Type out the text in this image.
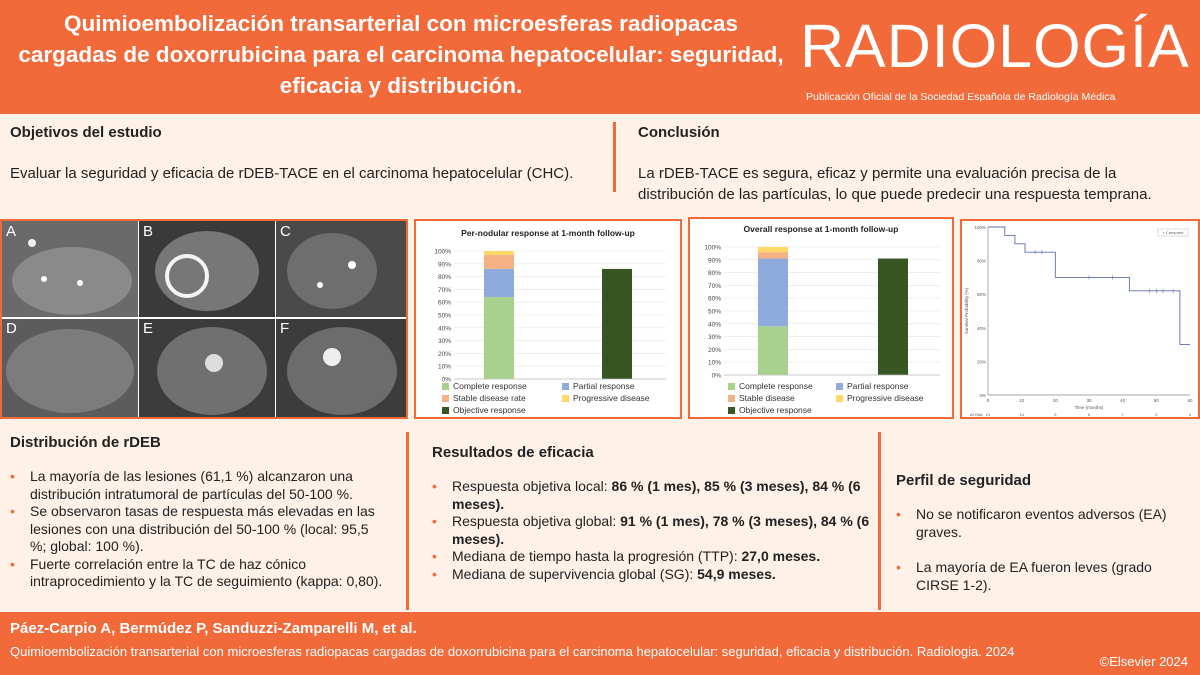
Quimioembolización transarterial con microesferas radiopacas cargadas de doxorrubicina para el carcinoma hepatocelular: seguridad, eficacia y distribución.
RADIOLOGÍA
Publicación Oficial de la Sociedad Española de Radiología Médica
Objetivos del estudio
Evaluar la seguridad y eficacia de rDEB-TACE en el carcinoma hepatocelular (CHC).
Conclusión
La rDEB-TACE es segura, eficaz y permite una evaluación precisa de la distribución de las partículas, lo que puede predecir una respuesta temprana.
A	B	C
D	E	F
Per-nodular response at 1-month follow-up
0%
10%
20%
30%
40%
50%
60%
70%
80%
90%
100%
Complete response	Partial response
Stable disease rate	Progressive disease
Objective response
Overall response at 1-month follow-up
0%
10%
20%
30%
40%
50%
60%
70%
80%
90%
100%
Complete response	Partial response
Stable disease	Progressive disease
Objective response
0%
20%
40%
60%
80%
100%
0	10	20	30	40	50	60
Time (months)
Survival Probability (%)
At Risk 21	14	9	6	7	2	4
+ Censored
Distribución de rDEB
• La mayoría de las lesiones (61,1 %) alcanzaron una distribución intratumoral de partículas del 50-100 %.
• Se observaron tasas de respuesta más elevadas en las lesiones con una distribución del 50-100 % (local: 95,5 %; global: 100 %).
• Fuerte correlación entre la TC de haz cónico intraprocedimiento y la TC de seguimiento (kappa: 0,80).
Resultados de eficacia
• Respuesta objetiva local: 86 % (1 mes), 85 % (3 meses), 84 % (6 meses).
• Respuesta objetiva global: 91 % (1 mes), 78 % (3 meses), 84 % (6 meses).
• Mediana de tiempo hasta la progresión (TTP): 27,0 meses.
• Mediana de supervivencia global (SG): 54,9 meses.
Perfil de seguridad
• No se notificaron eventos adversos (EA) graves.
• La mayoría de EA fueron leves (grado CIRSE 1-2).
Páez-Carpio A, Bermúdez P, Sanduzzi-Zamparelli M, et al.
Quimioembolización transarterial con microesferas radiopacas cargadas de doxorrubicina para el carcinoma hepatocelular: seguridad, eficacia y distribución. Radiologia. 2024
©Elsevier 2024
